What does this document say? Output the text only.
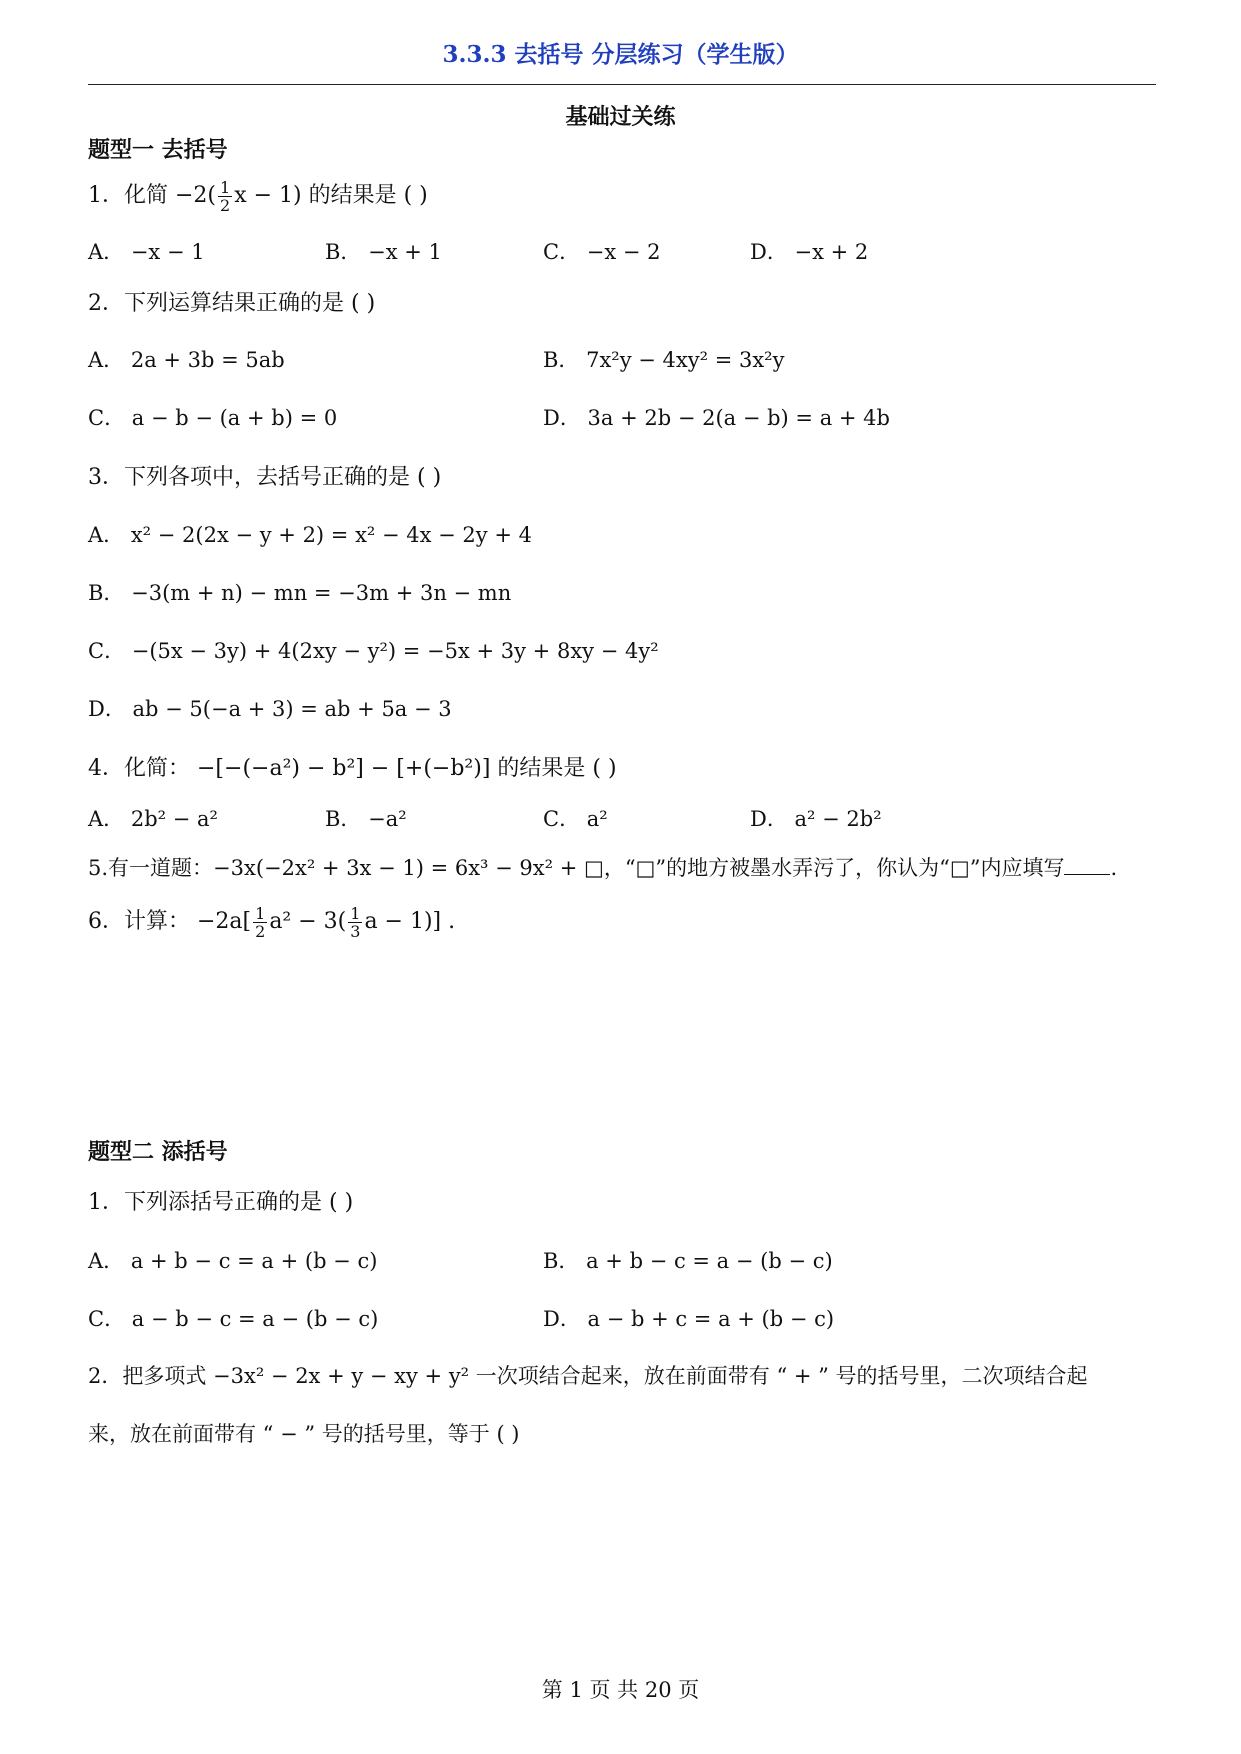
3.3.3 去括号 分层练习（学生版）
基础过关练
题型一 去括号
1．化简 $-2( \frac{1}{2}$ x − 1) 的结果是 ( )
A． −x − 1	B． −x + 1	C． −x − 2	D． −x + 2
2．下列运算结果正确的是 ( )
A． 2a + 3b = 5ab	B． 7x²y − 4xy² = 3x²y
C． a − b − (a + b) = 0	D． 3a + 2b − 2(a − b) = a + 4b
3．下列各项中，去括号正确的是 ( )
A． x² − 2(2x − y + 2) = x² − 4x − 2y + 4
B． −3(m + n) − mn = −3m + 3n − mn
C． −(5x − 3y) + 4(2xy − y²) = −5x + 3y + 8xy − 4y²
D． ab − 5(−a + 3) = ab + 5a − 3
4．化简： −[−(−a²) − b²] − [+(−b²)] 的结果是 ( )
A． 2b² − a²	B． −a²	C． a²	D． a² − 2b²
5.有一道题：−3x(−2x² + 3x − 1) = 6x³ − 9x² + □，“□”的地方被墨水弄污了，你认为“□”内应填写 .
6．计算： $-2a[ \frac{1}{2} a^2 - 3( \frac{1}{3}$ a − 1)] .
题型二 添括号
1．下列添括号正确的是 ( )
A． a + b − c = a + (b − c)	B． a + b − c = a − (b − c)
C． a − b − c = a − (b − c)	D． a − b + c = a + (b − c)
2．把多项式 −3x² − 2x + y − xy + y² 一次项结合起来，放在前面带有 “ + ” 号的括号里，二次项结合起
来，放在前面带有 “ − ” 号的括号里，等于 ( )
第 1 页 共 20 页
